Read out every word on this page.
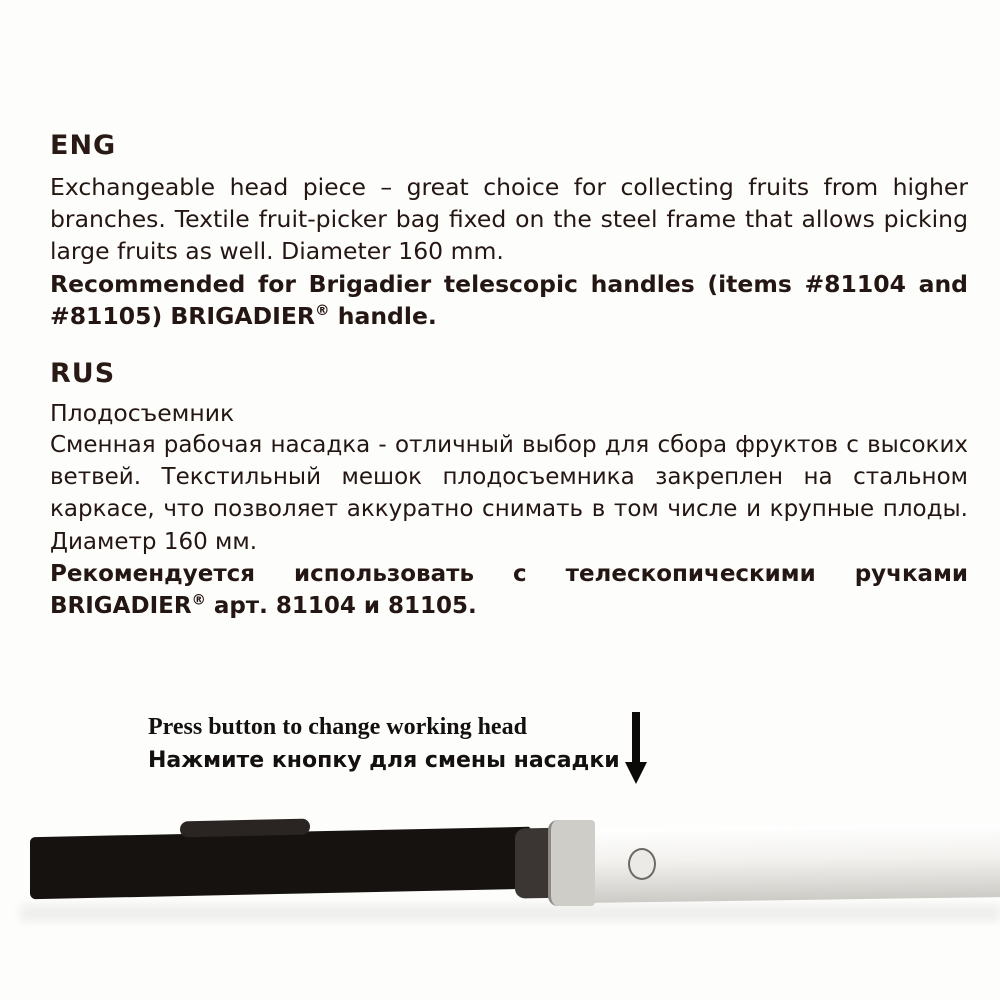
ENG

Exchangeable head piece – great choice for collecting fruits from higher branches. Textile fruit-picker bag fixed on the steel frame that allows picking large fruits as well. Diameter 160 mm.

Recommended for Brigadier telescopic handles (items #81104 and #81105) BRIGADIER® handle.

RUS
Плодосъемник

Сменная рабочая насадка - отличный выбор для сбора фруктов с высоких ветвей. Текстильный мешок плодосъемника закреплен на стальном каркасе, что позволяет аккуратно снимать в том числе и крупные плоды. Диаметр 160 мм.

Рекомендуется использовать с телескопическими ручками BRIGADIER® арт. 81104 и 81105.

Press button to change working head
Нажмите кнопку для смены насадки
